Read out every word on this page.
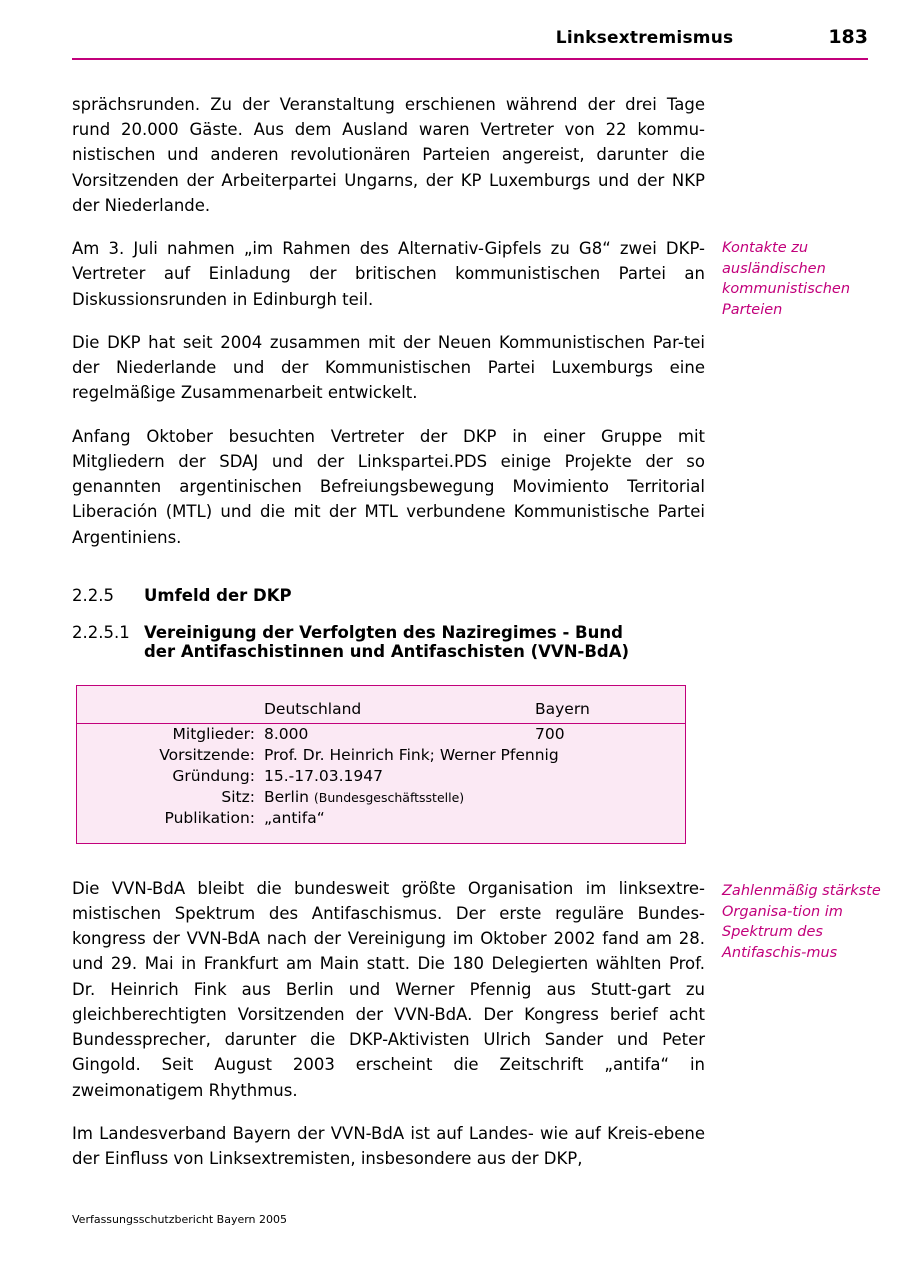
Linksextremismus	183

sprächsrunden. Zu der Veranstaltung erschienen während der drei Tage rund 20.000 Gäste. Aus dem Ausland waren Vertreter von 22 kommu-nistischen und anderen revolutionären Parteien angereist, darunter die Vorsitzenden der Arbeiterpartei Ungarns, der KP Luxemburgs und der NKP der Niederlande.

Am 3. Juli nahmen „im Rahmen des Alternativ-Gipfels zu G8“ zwei DKP-Vertreter auf Einladung der britischen kommunistischen Partei an Diskussionsrunden in Edinburgh teil.

Die DKP hat seit 2004 zusammen mit der Neuen Kommunistischen Par-tei der Niederlande und der Kommunistischen Partei Luxemburgs eine regelmäßige Zusammenarbeit entwickelt.

Anfang Oktober besuchten Vertreter der DKP in einer Gruppe mit Mitgliedern der SDAJ und der Linkspartei.PDS einige Projekte der so genannten argentinischen Befreiungsbewegung Movimiento Territorial Liberación (MTL) und die mit der MTL verbundene Kommunistische Partei Argentiniens.

2.2.5	Umfeld der DKP
2.2.5.1 Vereinigung der Verfolgten des Naziregimes - Bund
der Antifaschistinnen und Antifaschisten (VVN-BdA)
	Deutschland	Bayern
Mitglieder:	8.000	700
Vorsitzende:	Prof. Dr. Heinrich Fink; Werner Pfennig	
Gründung:	15.-17.03.1947	
Sitz:	Berlin (Bundesgeschäftsstelle)	
Publikation:	„antifa“	

Die VVN-BdA bleibt die bundesweit größte Organisation im linksextre-mistischen Spektrum des Antifaschismus. Der erste reguläre Bundes-kongress der VVN-BdA nach der Vereinigung im Oktober 2002 fand am 28. und 29. Mai in Frankfurt am Main statt. Die 180 Delegierten wählten Prof. Dr. Heinrich Fink aus Berlin und Werner Pfennig aus Stutt-gart zu gleichberechtigten Vorsitzenden der VVN-BdA. Der Kongress berief acht Bundessprecher, darunter die DKP-Aktivisten Ulrich Sander und Peter Gingold. Seit August 2003 erscheint die Zeitschrift „antifa“ in zweimonatigem Rhythmus.

Im Landesverband Bayern der VVN-BdA ist auf Landes- wie auf Kreis-ebene der Einfluss von Linksextremisten, insbesondere aus der DKP,

Kontakte zu ausländischen kommunistischen Parteien
Zahlenmäßig stärkste Organisa-tion im Spektrum des Antifaschis-mus
Verfassungsschutzbericht Bayern 2005
